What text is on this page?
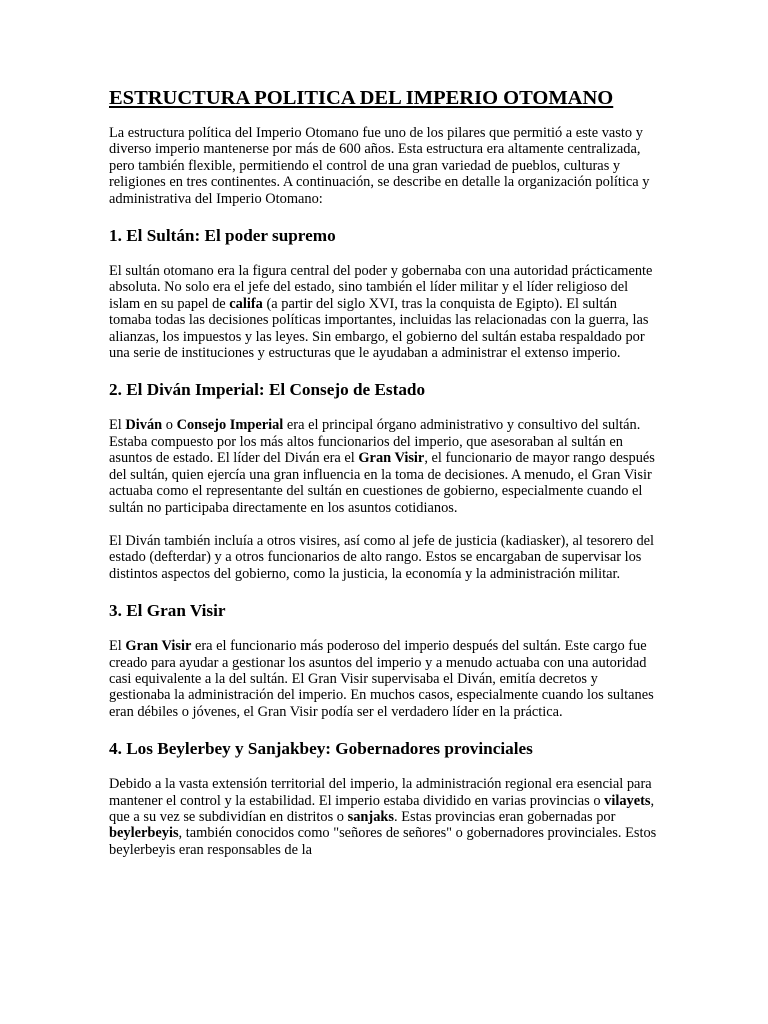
ESTRUCTURA POLITICA DEL IMPERIO OTOMANO

La estructura política del Imperio Otomano fue uno de los pilares que permitió a este vasto y diverso imperio mantenerse por más de 600 años. Esta estructura era altamente centralizada, pero también flexible, permitiendo el control de una gran variedad de pueblos, culturas y religiones en tres continentes. A continuación, se describe en detalle la organización política y administrativa del Imperio Otomano:

1. El Sultán: El poder supremo

El sultán otomano era la figura central del poder y gobernaba con una autoridad prácticamente absoluta. No solo era el jefe del estado, sino también el líder militar y el líder religioso del islam en su papel de califa (a partir del siglo XVI, tras la conquista de Egipto). El sultán tomaba todas las decisiones políticas importantes, incluidas las relacionadas con la guerra, las alianzas, los impuestos y las leyes. Sin embargo, el gobierno del sultán estaba respaldado por una serie de instituciones y estructuras que le ayudaban a administrar el extenso imperio.

2. El Diván Imperial: El Consejo de Estado

El Diván o Consejo Imperial era el principal órgano administrativo y consultivo del sultán. Estaba compuesto por los más altos funcionarios del imperio, que asesoraban al sultán en asuntos de estado. El líder del Diván era el Gran Visir, el funcionario de mayor rango después del sultán, quien ejercía una gran influencia en la toma de decisiones. A menudo, el Gran Visir actuaba como el representante del sultán en cuestiones de gobierno, especialmente cuando el sultán no participaba directamente en los asuntos cotidianos.

El Diván también incluía a otros visires, así como al jefe de justicia (kadiasker), al tesorero del estado (defterdar) y a otros funcionarios de alto rango. Estos se encargaban de supervisar los distintos aspectos del gobierno, como la justicia, la economía y la administración militar.

3. El Gran Visir

El Gran Visir era el funcionario más poderoso del imperio después del sultán. Este cargo fue creado para ayudar a gestionar los asuntos del imperio y a menudo actuaba con una autoridad casi equivalente a la del sultán. El Gran Visir supervisaba el Diván, emitía decretos y gestionaba la administración del imperio. En muchos casos, especialmente cuando los sultanes eran débiles o jóvenes, el Gran Visir podía ser el verdadero líder en la práctica.

4. Los Beylerbey y Sanjakbey: Gobernadores provinciales

Debido a la vasta extensión territorial del imperio, la administración regional era esencial para mantener el control y la estabilidad. El imperio estaba dividido en varias provincias o vilayets, que a su vez se subdividían en distritos o sanjaks. Estas provincias eran gobernadas por beylerbeyis, también conocidos como "señores de señores" o gobernadores provinciales. Estos beylerbeyis eran responsables de la
